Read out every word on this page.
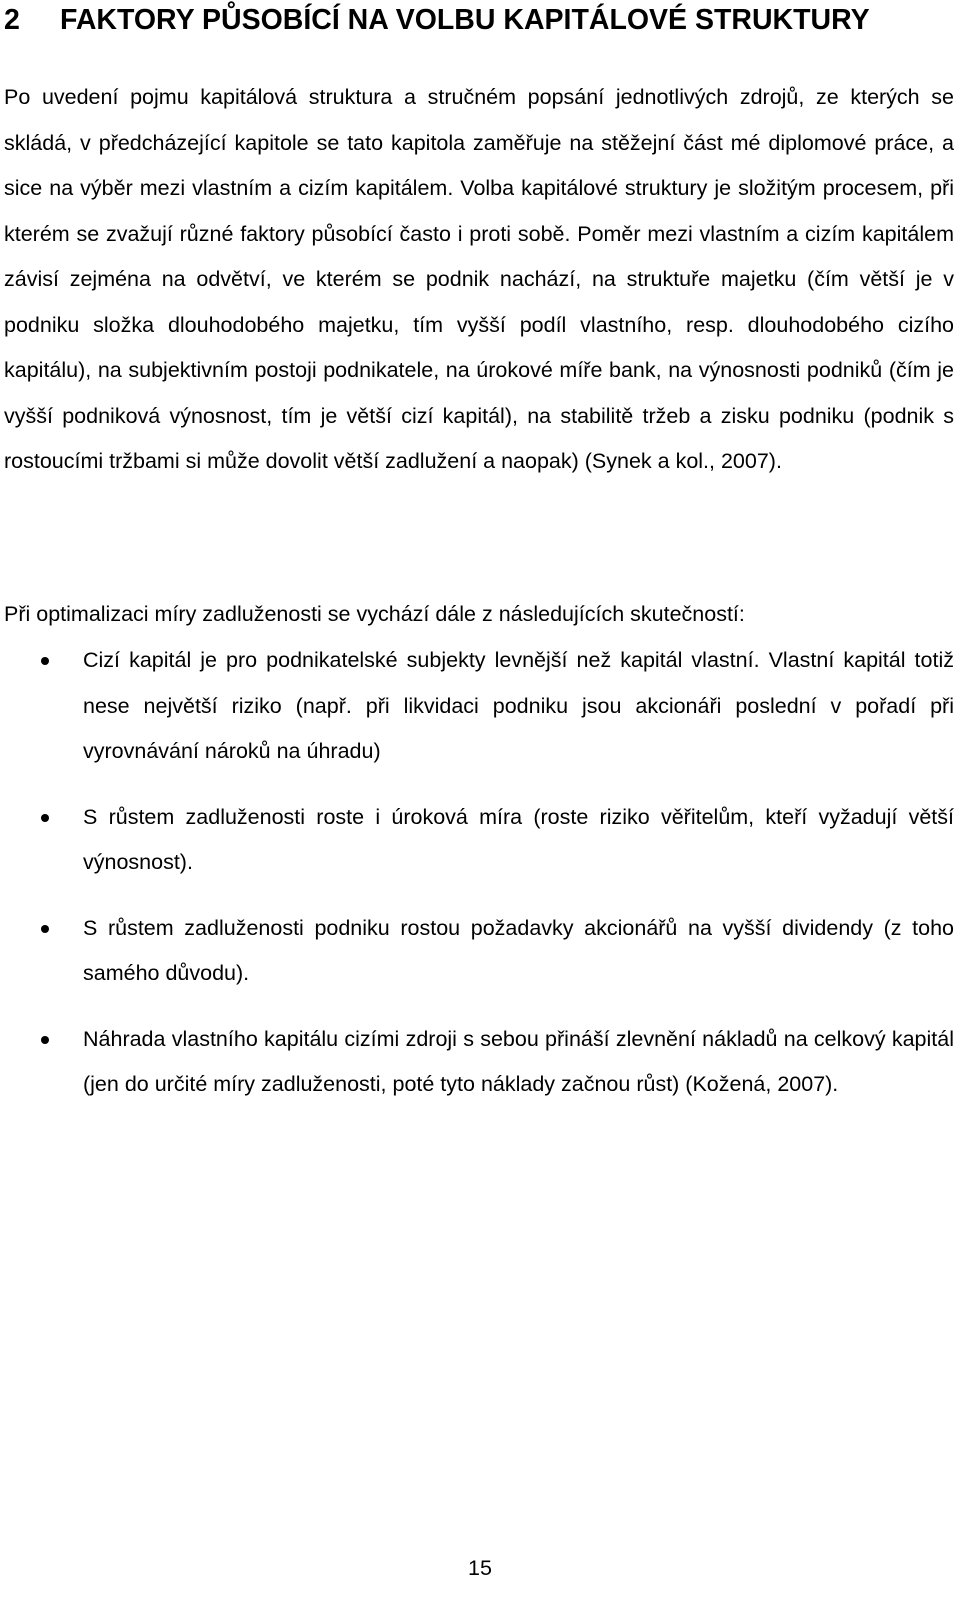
2 FAKTORY PŮSOBÍCÍ NA VOLBU KAPITÁLOVÉ STRUKTURY

Po uvedení pojmu kapitálová struktura a stručném popsání jednotlivých zdrojů, ze kterých se skládá, v předcházející kapitole se tato kapitola zaměřuje na stěžejní část mé diplomové práce, a sice na výběr mezi vlastním a cizím kapitálem. Volba kapitálové struktury je složitým procesem, při kterém se zvažují různé faktory působící často i proti sobě. Poměr mezi vlastním a cizím kapitálem závisí zejména na odvětví, ve kterém se podnik nachází, na struktuře majetku (čím větší je v podniku složka dlouhodobého majetku, tím vyšší podíl vlastního, resp. dlouhodobého cizího kapitálu), na subjektivním postoji podnikatele, na úrokové míře bank, na výnosnosti podniků (čím je vyšší podniková výnosnost, tím je větší cizí kapitál), na stabilitě tržeb a zisku podniku (podnik s rostoucími tržbami si může dovolit větší zadlužení a naopak) (Synek a kol., 2007).

Při optimalizaci míry zadluženosti se vychází dále z následujících skutečností:

Cizí kapitál je pro podnikatelské subjekty levnější než kapitál vlastní. Vlastní kapitál totiž nese největší riziko (např. při likvidaci podniku jsou akcionáři poslední v pořadí při vyrovnávání nároků na úhradu)
S růstem zadluženosti roste i úroková míra (roste riziko věřitelům, kteří vyžadují větší výnosnost).
S růstem zadluženosti podniku rostou požadavky akcionářů na vyšší dividendy (z toho samého důvodu).
Náhrada vlastního kapitálu cizími zdroji s sebou přináší zlevnění nákladů na celkový kapitál (jen do určité míry zadluženosti, poté tyto náklady začnou růst) (Kožená, 2007).

15
